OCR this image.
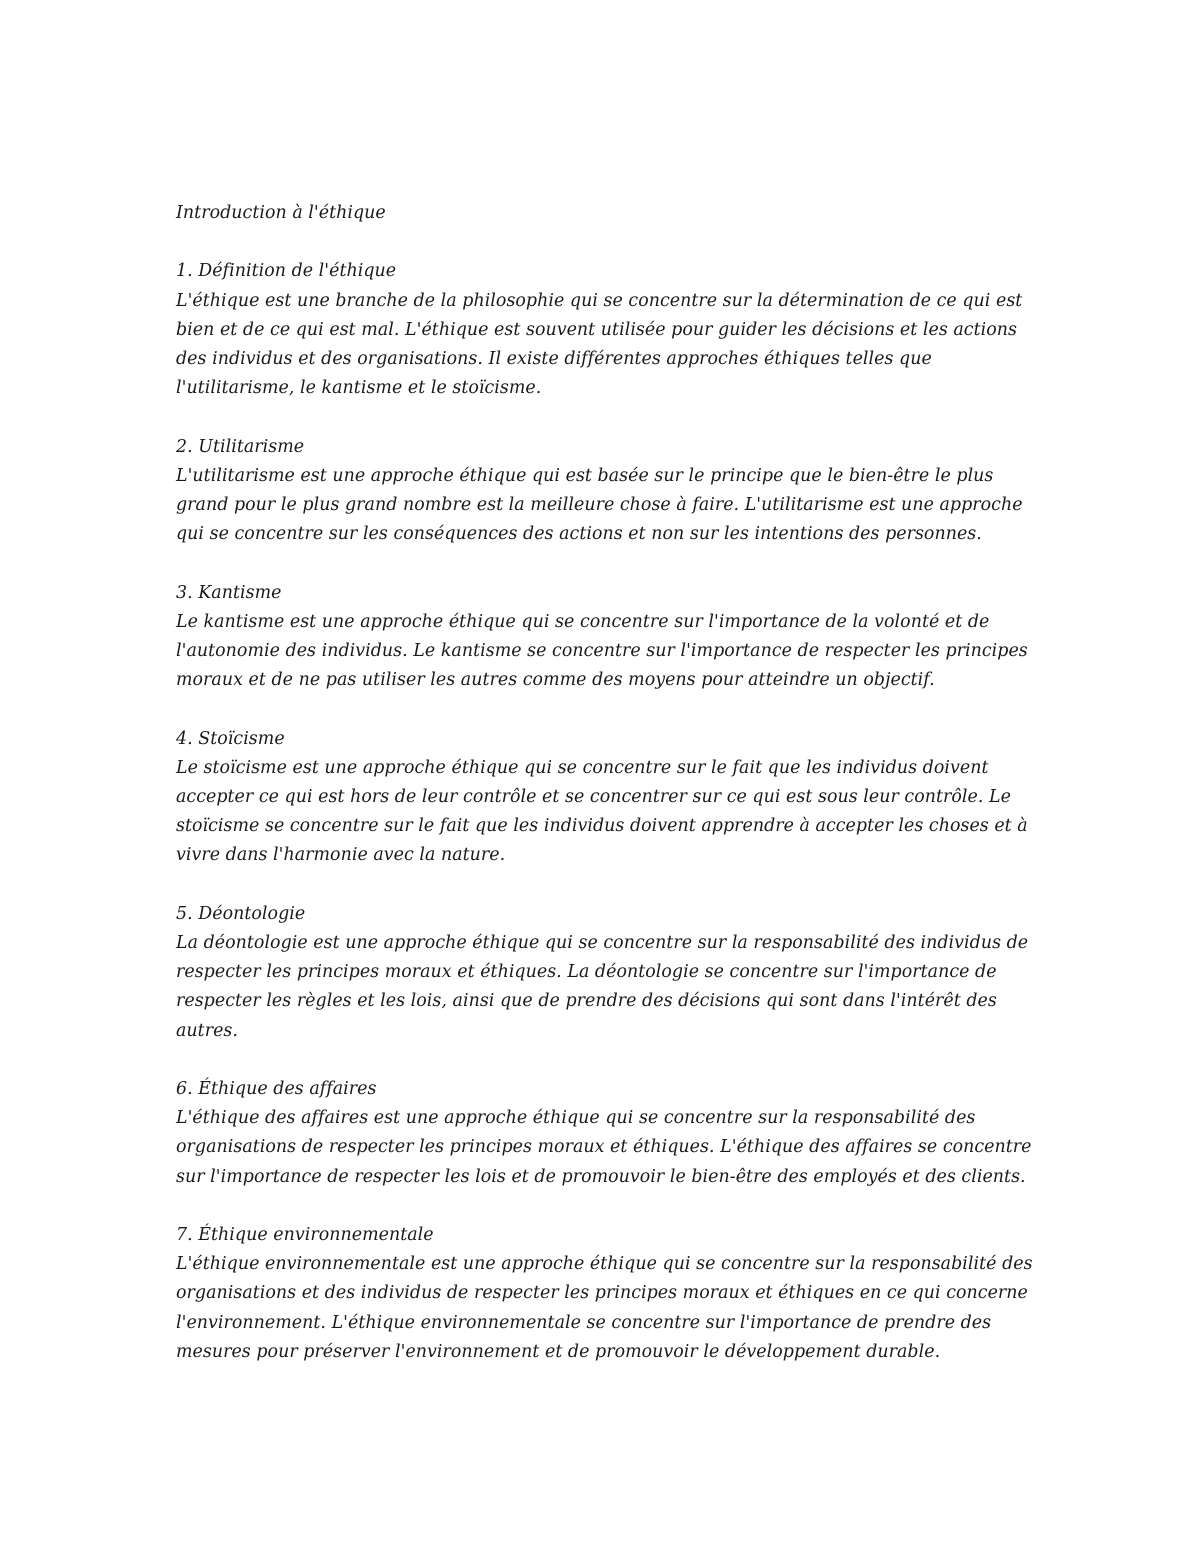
Introduction à l'éthique
1. Définition de l'éthique

L'éthique est une branche de la philosophie qui se concentre sur la détermination de ce qui est bien et de ce qui est mal. L'éthique est souvent utilisée pour guider les décisions et les actions des individus et des organisations. Il existe différentes approches éthiques telles que l'utilitarisme, le kantisme et le stoïcisme.

2. Utilitarisme

L'utilitarisme est une approche éthique qui est basée sur le principe que le bien-être le plus grand pour le plus grand nombre est la meilleure chose à faire. L'utilitarisme est une approche qui se concentre sur les conséquences des actions et non sur les intentions des personnes.

3. Kantisme

Le kantisme est une approche éthique qui se concentre sur l'importance de la volonté et de l'autonomie des individus. Le kantisme se concentre sur l'importance de respecter les principes moraux et de ne pas utiliser les autres comme des moyens pour atteindre un objectif.

4. Stoïcisme

Le stoïcisme est une approche éthique qui se concentre sur le fait que les individus doivent accepter ce qui est hors de leur contrôle et se concentrer sur ce qui est sous leur contrôle. Le stoïcisme se concentre sur le fait que les individus doivent apprendre à accepter les choses et à vivre dans l'harmonie avec la nature.

5. Déontologie

La déontologie est une approche éthique qui se concentre sur la responsabilité des individus de respecter les principes moraux et éthiques. La déontologie se concentre sur l'importance de respecter les règles et les lois, ainsi que de prendre des décisions qui sont dans l'intérêt des autres.

6. Éthique des affaires

L'éthique des affaires est une approche éthique qui se concentre sur la responsabilité des organisations de respecter les principes moraux et éthiques. L'éthique des affaires se concentre sur l'importance de respecter les lois et de promouvoir le bien-être des employés et des clients.

7. Éthique environnementale

L'éthique environnementale est une approche éthique qui se concentre sur la responsabilité des organisations et des individus de respecter les principes moraux et éthiques en ce qui concerne l'environnement. L'éthique environnementale se concentre sur l'importance de prendre des mesures pour préserver l'environnement et de promouvoir le développement durable.
